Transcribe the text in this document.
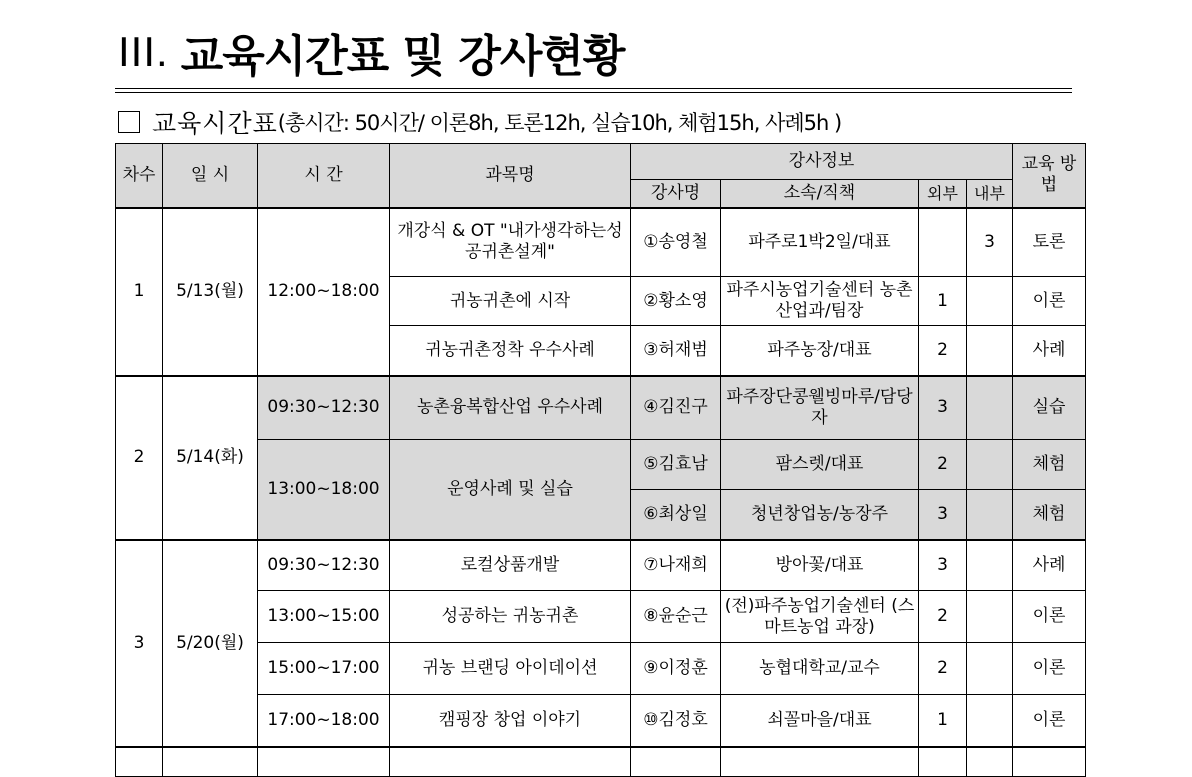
III. 교육시간표 및 강사현황
교육시간표 (총시간: 50시간/ 이론8h, 토론12h, 실습10h, 체험15h, 사례5h )
차수	일 시	시 간	과목명	강사정보				교육 방법
				강사명	소속/직책	외부	내부	
1	5/13(월)	12:00~18:00	개강식 & OT "내가생각하는성공귀촌설계"	①송영철	파주로1박2일/대표		3	토론
			귀농귀촌에 시작	②황소영	파주시농업기술센터 농촌산업과/팀장	1		이론
			귀농귀촌정착 우수사례	③허재범	파주농장/대표	2		사례
2	5/14(화)	09:30~12:30	농촌융복합산업 우수사례	④김진구	파주장단콩웰빙마루/담당자	3		실습
		13:00~18:00	운영사례 및 실습	⑤김효남	팜스렛/대표	2		체험
				⑥최상일	청년창업농/농장주	3		체험
3	5/20(월)	09:30~12:30	로컬상품개발	⑦나재희	방아꽃/대표	3		사례
		13:00~15:00	성공하는 귀농귀촌	⑧윤순근	(전)파주농업기술센터 (스마트농업 과장)	2		이론
		15:00~17:00	귀농 브랜딩 아이데이션	⑨이정훈	농협대학교/교수	2		이론
		17:00~18:00	캠핑장 창업 이야기	⑩김정호	쇠꼴마을/대표	1		이론
